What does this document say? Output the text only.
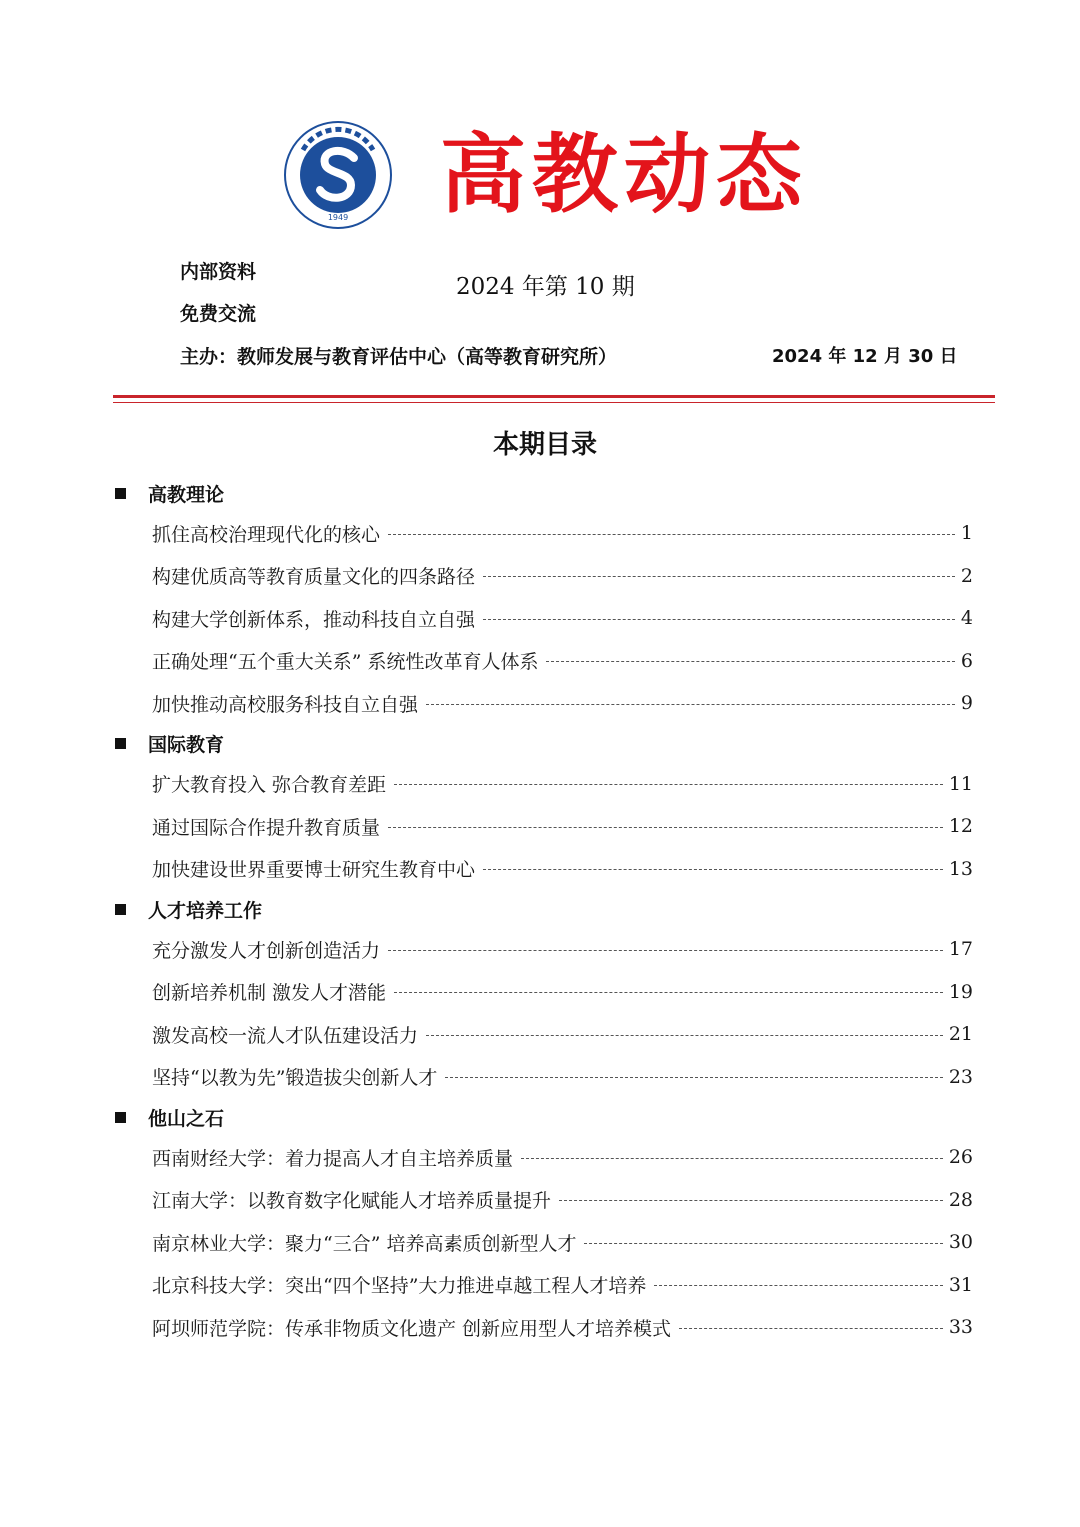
1949 高教动态
内部资料
免费交流
2024 年第 10 期
主办：教师发展与教育评估中心（高等教育研究所）	2024 年 12 月 30 日
本期目录
高教理论
抓住高校治理现代化的核心	1
构建优质高等教育质量文化的四条路径	2
构建大学创新体系，推动科技自立自强	4
正确处理“五个重大关系” 系统性改革育人体系	6
加快推动高校服务科技自立自强	9
国际教育
扩大教育投入 弥合教育差距	11
通过国际合作提升教育质量	12
加快建设世界重要博士研究生教育中心	13
人才培养工作
充分激发人才创新创造活力	17
创新培养机制 激发人才潜能	19
激发高校一流人才队伍建设活力	21
坚持“以教为先”锻造拔尖创新人才	23
他山之石
西南财经大学：着力提高人才自主培养质量	26
江南大学：以教育数字化赋能人才培养质量提升	28
南京林业大学：聚力“三合” 培养高素质创新型人才	30
北京科技大学：突出“四个坚持”大力推进卓越工程人才培养	31
阿坝师范学院：传承非物质文化遗产 创新应用型人才培养模式	33
